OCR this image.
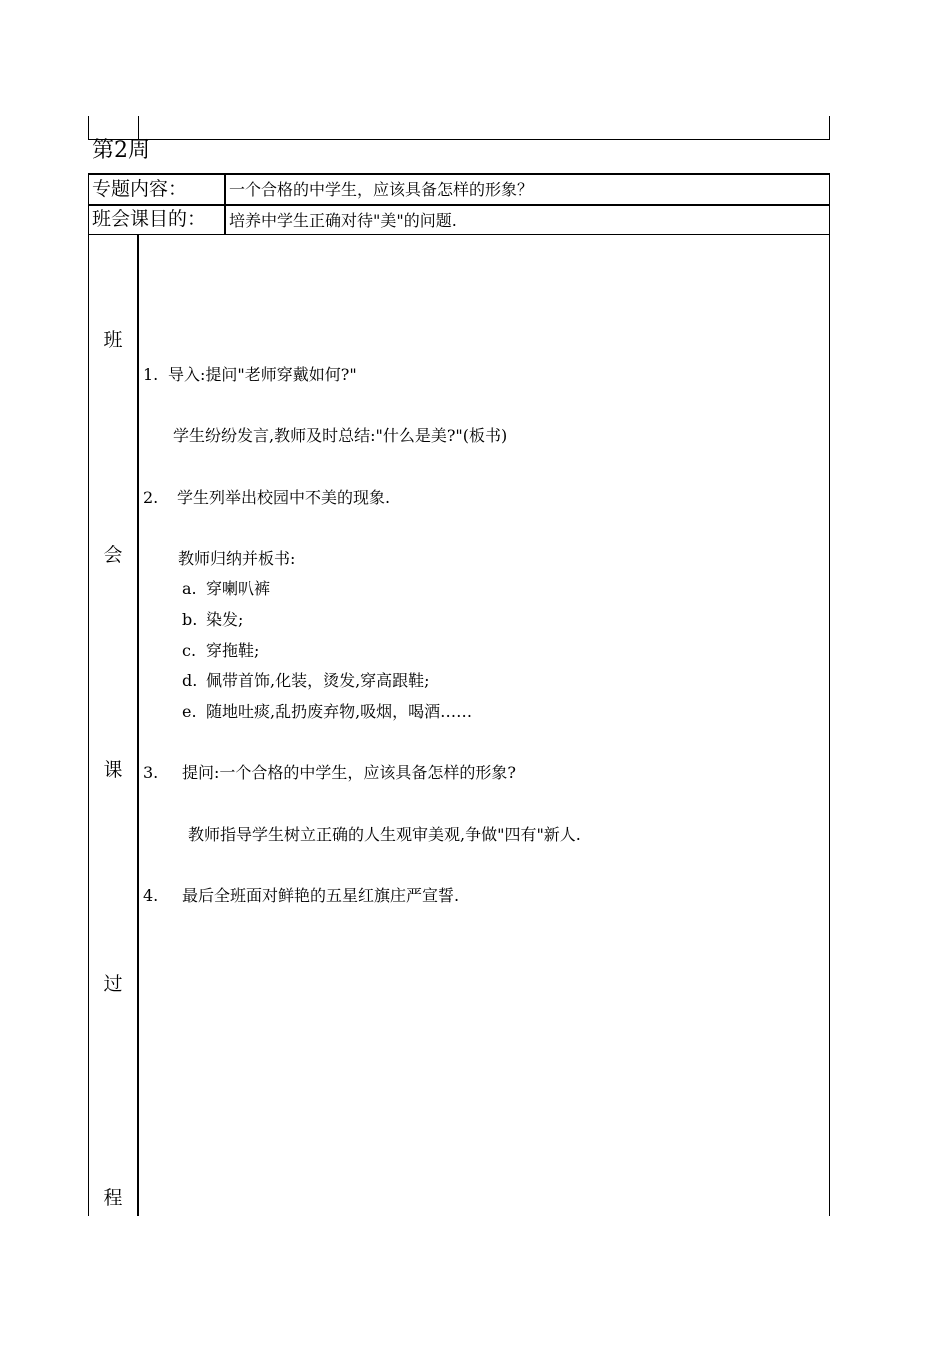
第2周
专题内容：	一个合格的中学生，应该具备怎样的形象？
班会课目的： 培养中学生正确对待"美"的问题.
班
会
课
过
程
1. 导入:提问"老师穿戴如何?"
学生纷纷发言,教师及时总结:"什么是美?"(板书)
2. 学生列举出校园中不美的现象.
教师归纳并板书:
a. 穿喇叭裤
b. 染发;
c. 穿拖鞋;
d. 佩带首饰,化装，烫发,穿高跟鞋;
e. 随地吐痰,乱扔废弃物,吸烟，喝酒……
3. 提问:一个合格的中学生，应该具备怎样的形象?
教师指导学生树立正确的人生观审美观,争做"四有"新人.
4. 最后全班面对鲜艳的五星红旗庄严宣誓.
